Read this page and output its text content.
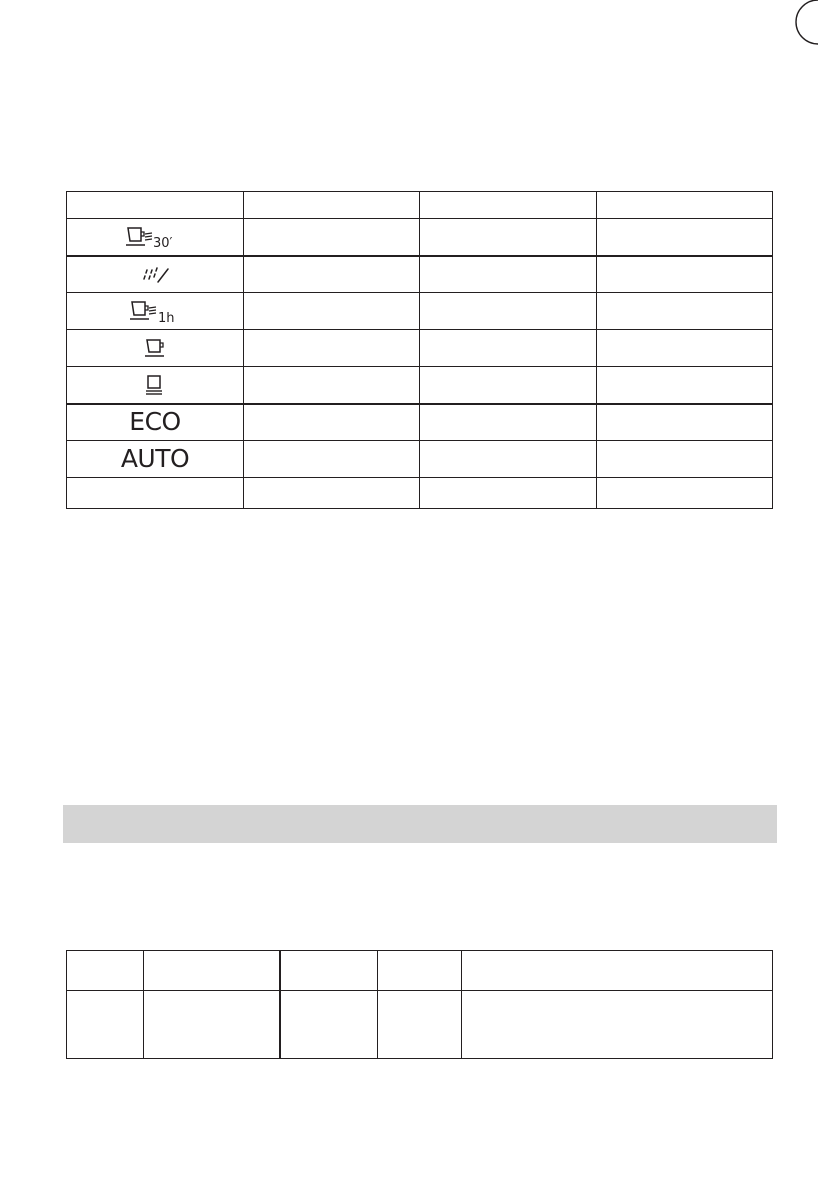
30′			

1h			

ECO			
AUTO			
